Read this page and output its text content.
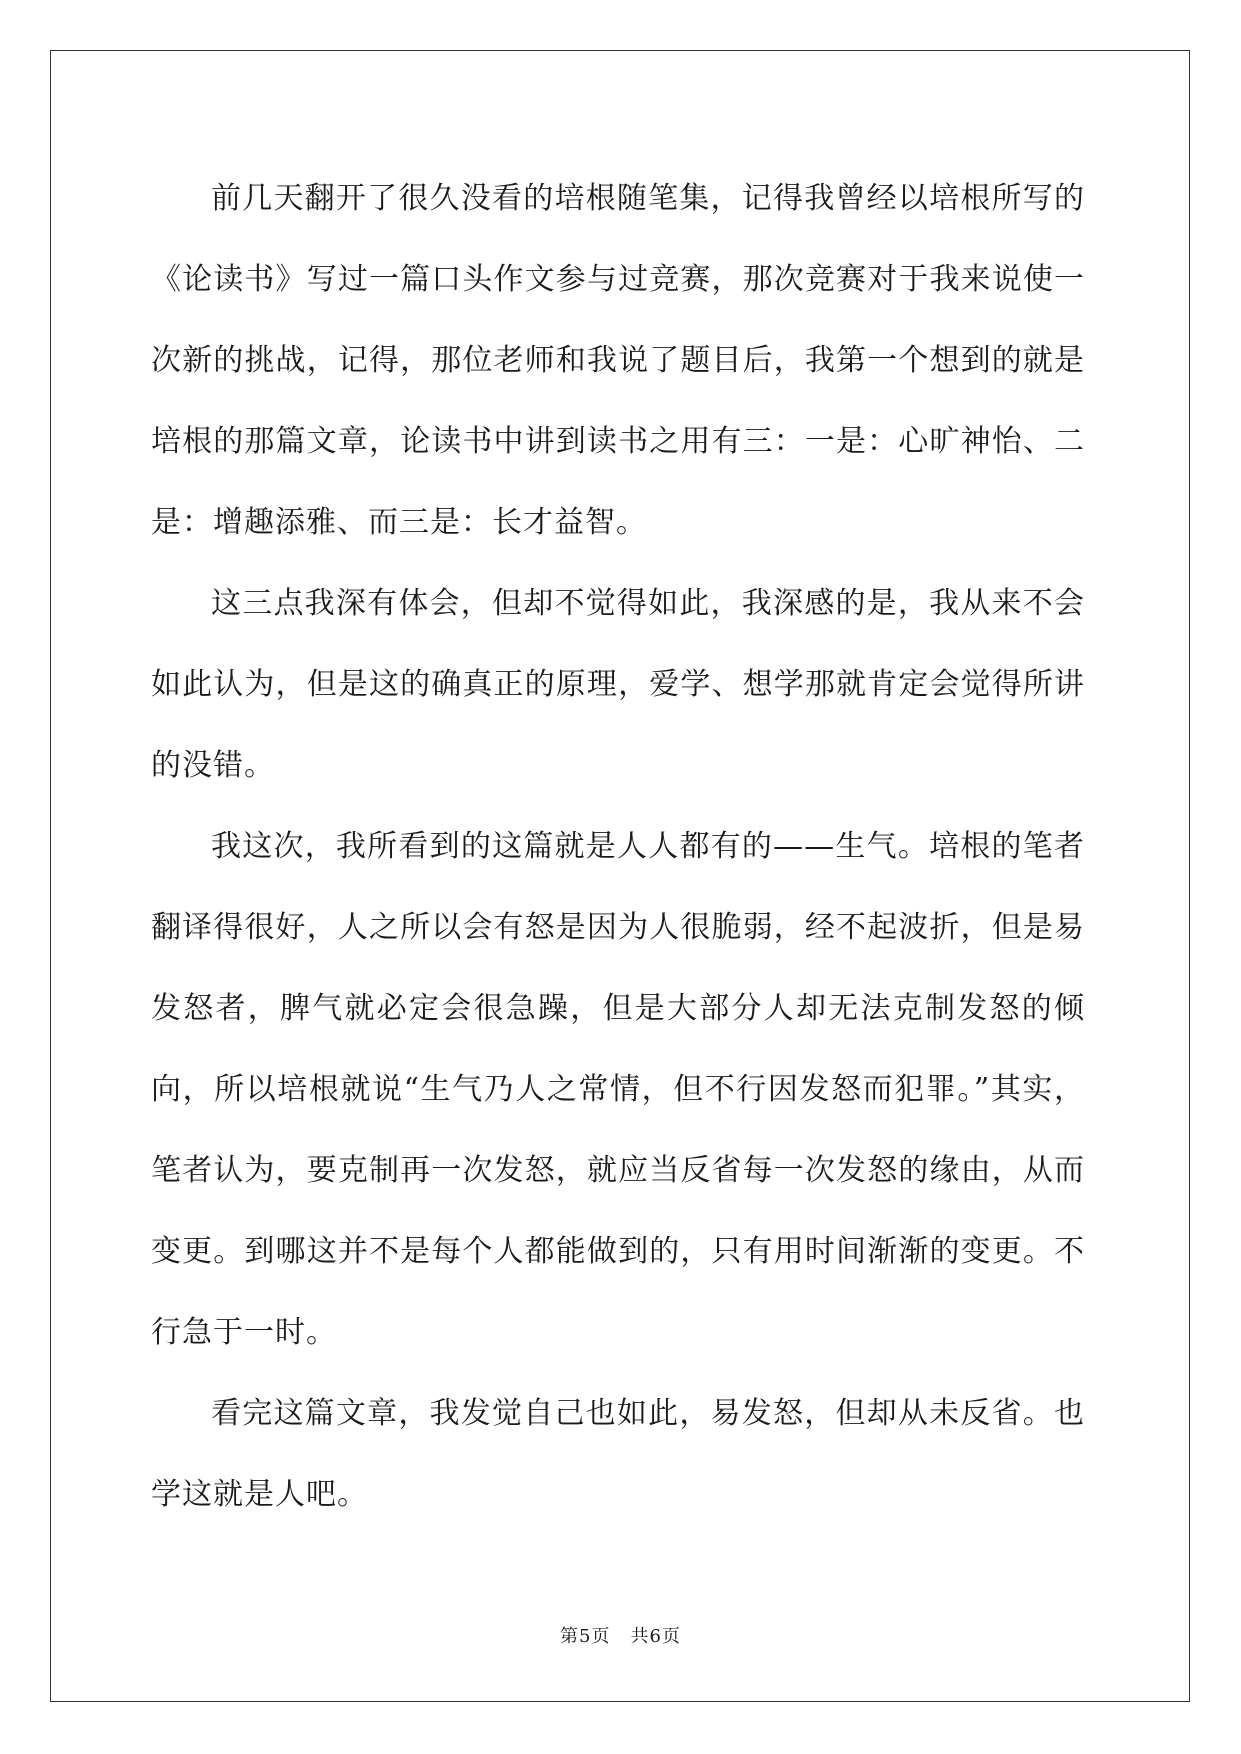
前几天翻开了很久没看的培根随笔集，记得我曾经以培根所写的《论读书》写过一篇口头作文参与过竞赛，那次竞赛对于我来说使一次新的挑战，记得，那位老师和我说了题目后，我第一个想到的就是培根的那篇文章，论读书中讲到读书之用有三：一是：心旷神怡、二是：增趣添雅、而三是：长才益智。

这三点我深有体会，但却不觉得如此，我深感的是，我从来不会如此认为，但是这的确真正的原理，爱学、想学那就肯定会觉得所讲的没错。

我这次，我所看到的这篇就是人人都有的——生气。培根的笔者翻译得很好，人之所以会有怒是因为人很脆弱，经不起波折，但是易发怒者，脾气就必定会很急躁，但是大部分人却无法克制发怒的倾向，所以培根就说“生气乃人之常情，但不行因发怒而犯罪。”其实，笔者认为，要克制再一次发怒，就应当反省每一次发怒的缘由，从而变更。到哪这并不是每个人都能做到的，只有用时间渐渐的变更。不行急于一时。

看完这篇文章，我发觉自己也如此，易发怒，但却从未反省。也学这就是人吧。

第5页 共6页
